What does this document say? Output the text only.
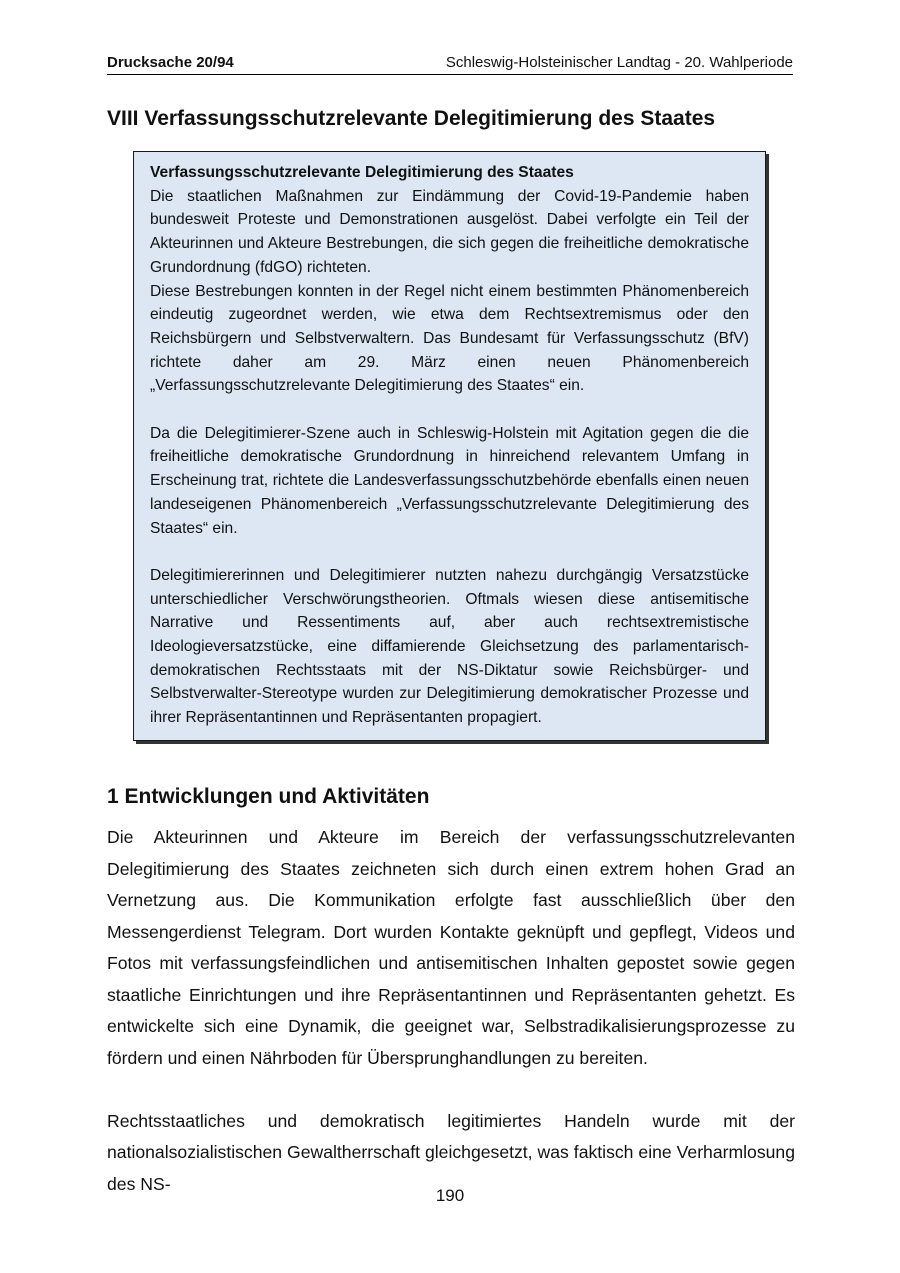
Drucksache 20/94	Schleswig-Holsteinischer Landtag - 20. Wahlperiode
VIII Verfassungsschutzrelevante Delegitimierung des Staates

Verfassungsschutzrelevante Delegitimierung des Staates

Die staatlichen Maßnahmen zur Eindämmung der Covid-19-Pandemie haben bundesweit Proteste und Demonstrationen ausgelöst. Dabei verfolgte ein Teil der Akteurinnen und Akteure Bestrebungen, die sich gegen die freiheitliche demokratische Grundordnung (fdGO) richteten.

Diese Bestrebungen konnten in der Regel nicht einem bestimmten Phänomenbereich eindeutig zugeordnet werden, wie etwa dem Rechtsextremismus oder den Reichsbürgern und Selbstverwaltern. Das Bundesamt für Verfassungsschutz (BfV) richtete daher am 29. März einen neuen Phänomenbereich „Verfassungsschutzrelevante Delegitimierung des Staates“ ein.

Da die Delegitimierer-Szene auch in Schleswig-Holstein mit Agitation gegen die die freiheitliche demokratische Grundordnung in hinreichend relevantem Umfang in Erscheinung trat, richtete die Landesverfassungsschutzbehörde ebenfalls einen neuen landeseigenen Phänomenbereich „Verfassungsschutzrelevante Delegitimierung des Staates“ ein.

Delegitimiererinnen und Delegitimierer nutzten nahezu durchgängig Versatzstücke unterschiedlicher Verschwörungstheorien. Oftmals wiesen diese antisemitische Narrative und Ressentiments auf, aber auch rechtsextremistische Ideologieversatzstücke, eine diffamierende Gleichsetzung des parlamentarisch-demokratischen Rechtsstaats mit der NS-Diktatur sowie Reichsbürger- und Selbstverwalter-Stereotype wurden zur Delegitimierung demokratischer Prozesse und ihrer Repräsentantinnen und Repräsentanten propagiert.

1 Entwicklungen und Aktivitäten

Die Akteurinnen und Akteure im Bereich der verfassungsschutzrelevanten Delegitimierung des Staates zeichneten sich durch einen extrem hohen Grad an Vernetzung aus. Die Kommunikation erfolgte fast ausschließlich über den Messengerdienst Telegram. Dort wurden Kontakte geknüpft und gepflegt, Videos und Fotos mit verfassungsfeindlichen und antisemitischen Inhalten gepostet sowie gegen staatliche Einrichtungen und ihre Repräsentantinnen und Repräsentanten gehetzt. Es entwickelte sich eine Dynamik, die geeignet war, Selbstradikalisierungsprozesse zu fördern und einen Nährboden für Übersprunghandlungen zu bereiten.

Rechtsstaatliches und demokratisch legitimiertes Handeln wurde mit der nationalsozialistischen Gewaltherrschaft gleichgesetzt, was faktisch eine Verharmlosung des NS-

190
